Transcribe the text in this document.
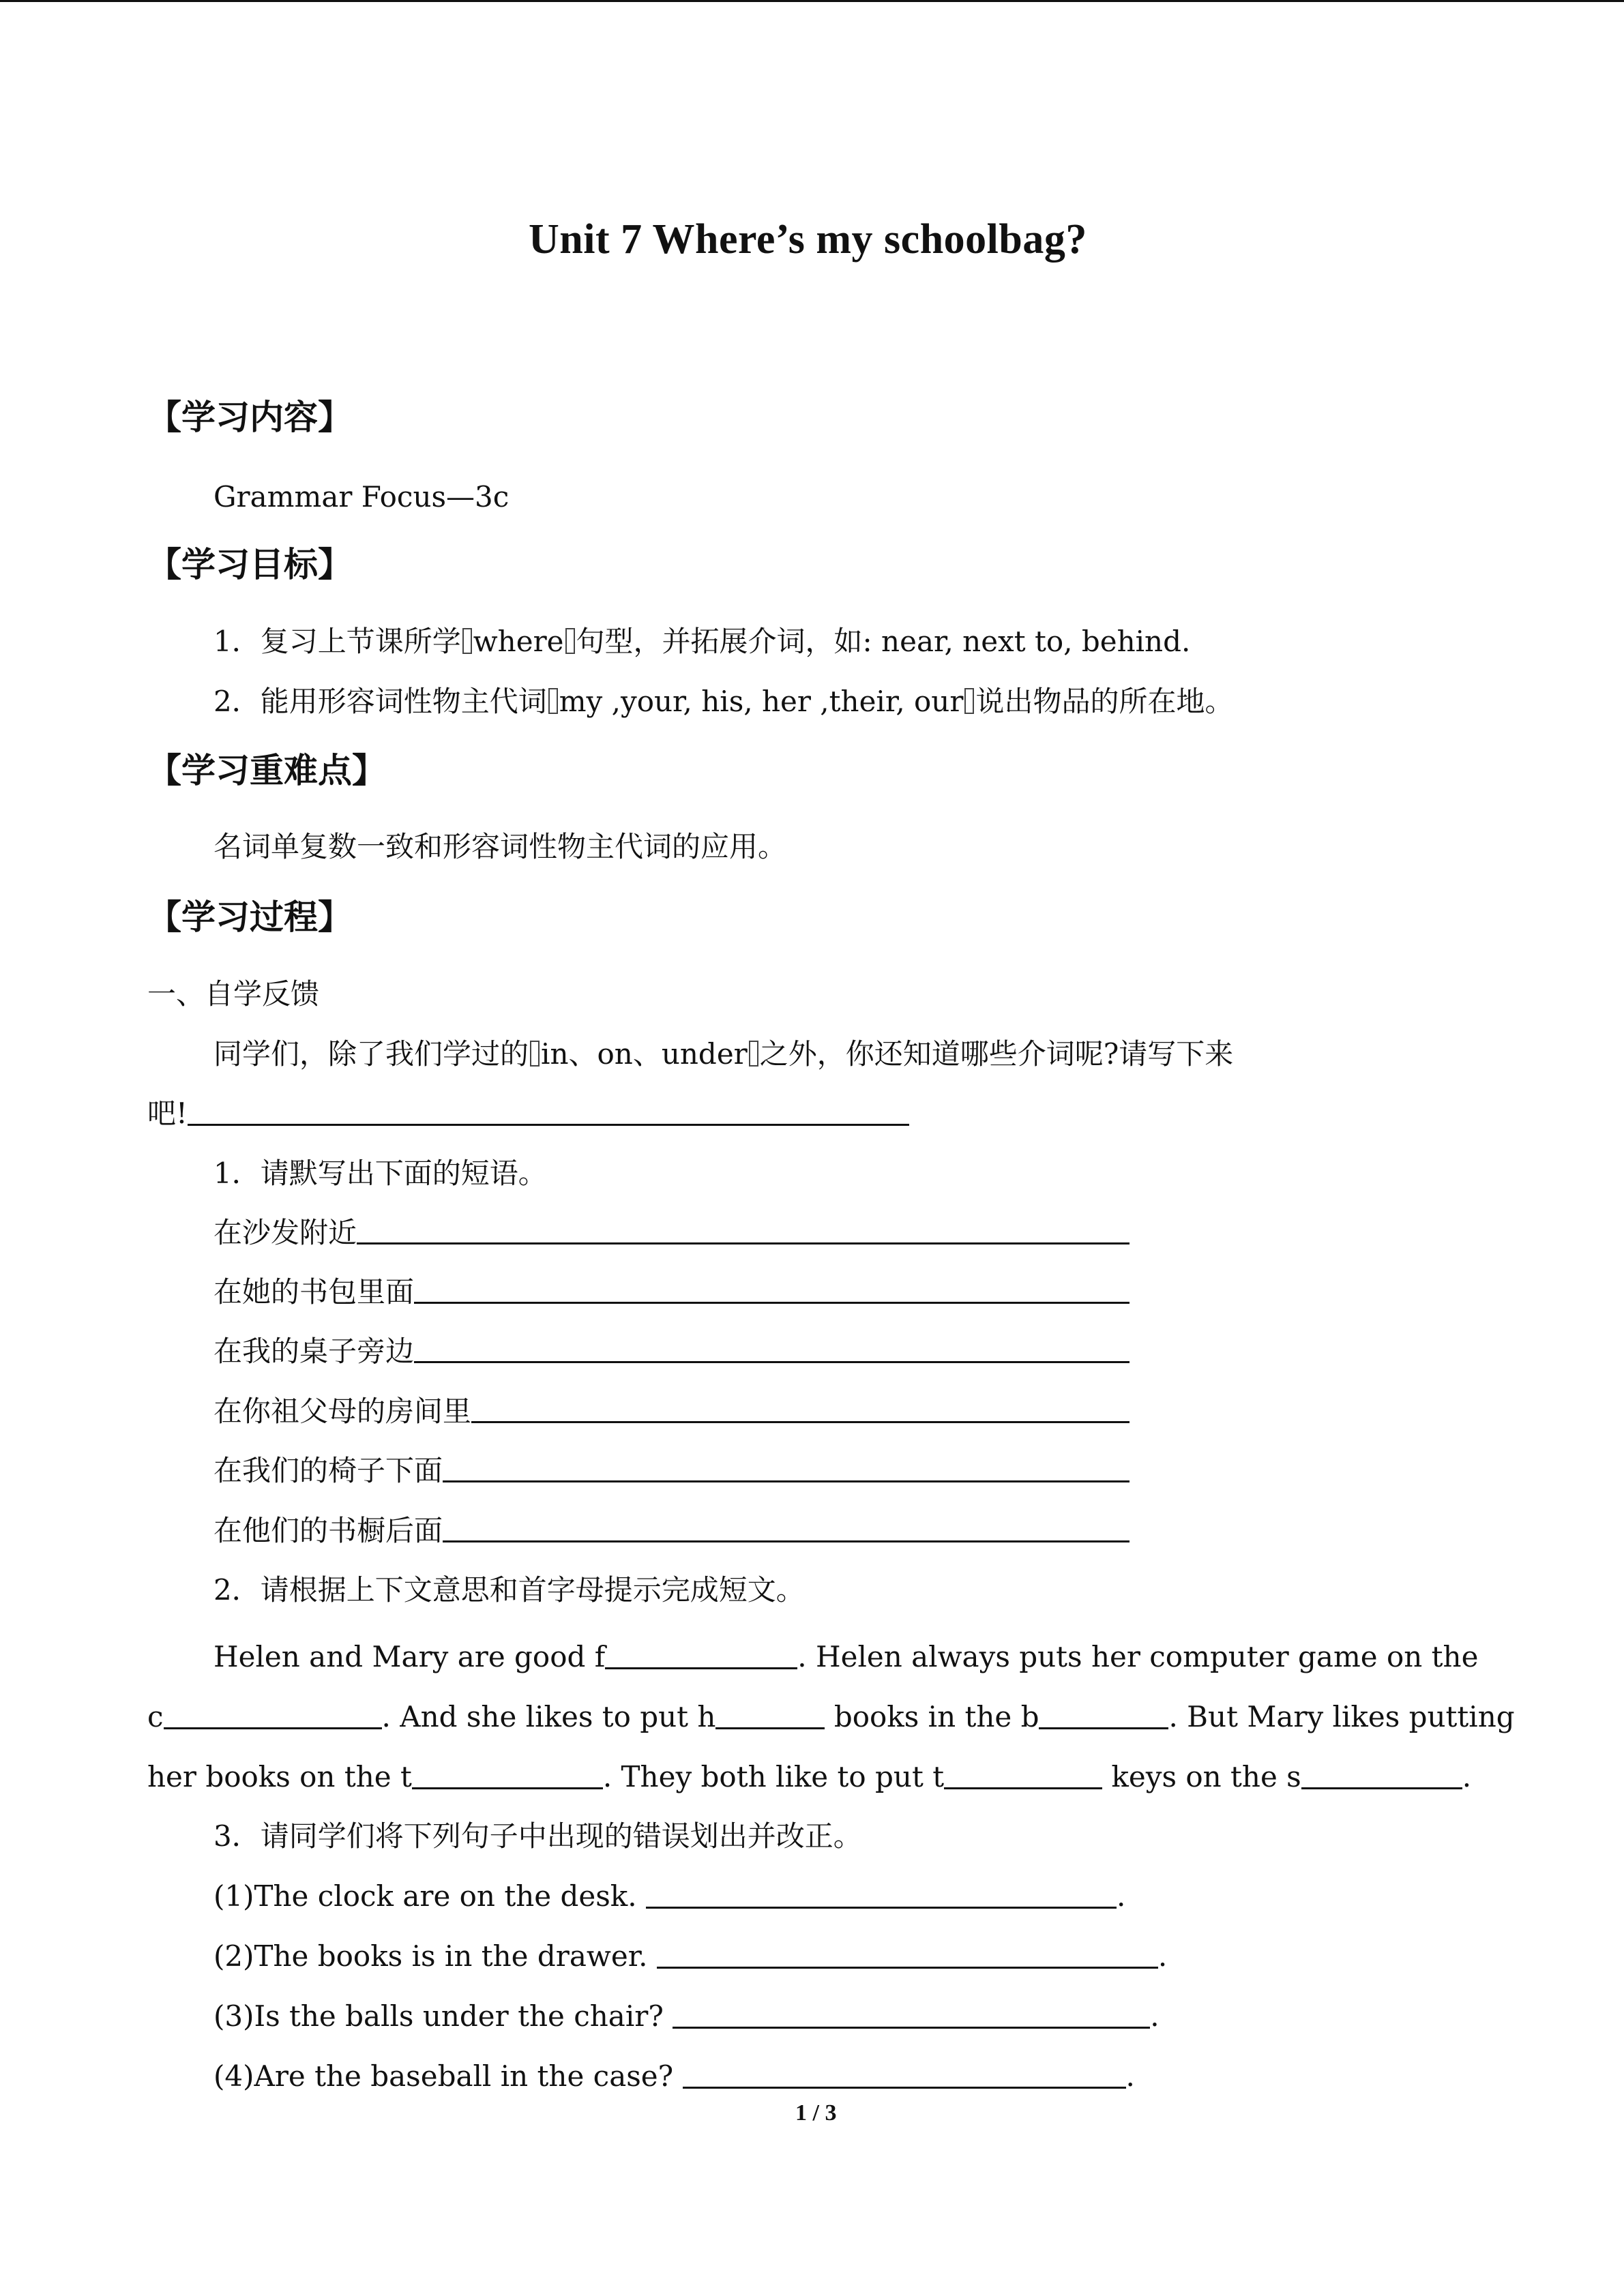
Unit 7 Where’s my schoolbag?
【学习内容】
Grammar Focus—3c
【学习目标】
1．复习上节课所学 where 句型，并拓展介词，如: near, next to, behind.
2．能用形容词性物主代词 my ,your, his, her ,their, our 说出物品的所在地。
【学习重难点】
名词单复数一致和形容词性物主代词的应用。
【学习过程】
一、自学反馈
同学们，除了我们学过的 in、on、under 之外，你还知道哪些介词呢?请写下来
吧!
1．请默写出下面的短语。
在沙发附近
在她的书包里面
在我的桌子旁边
在你祖父母的房间里
在我们的椅子下面
在他们的书橱后面
2．请根据上下文意思和首字母提示完成短文。
Helen and Mary are good f	. Helen always puts her computer game on the
c	. And she likes to put h	books in the b	. But Mary likes putting
her books on the t	. They both like to put t	keys on the s	.
3．请同学们将下列句子中出现的错误划出并改正。
(1)The clock are on the desk.	.
(2)The books is in the drawer.	.
(3)Is the balls under the chair?	.
(4)Are the baseball in the case?	.
1 / 3
